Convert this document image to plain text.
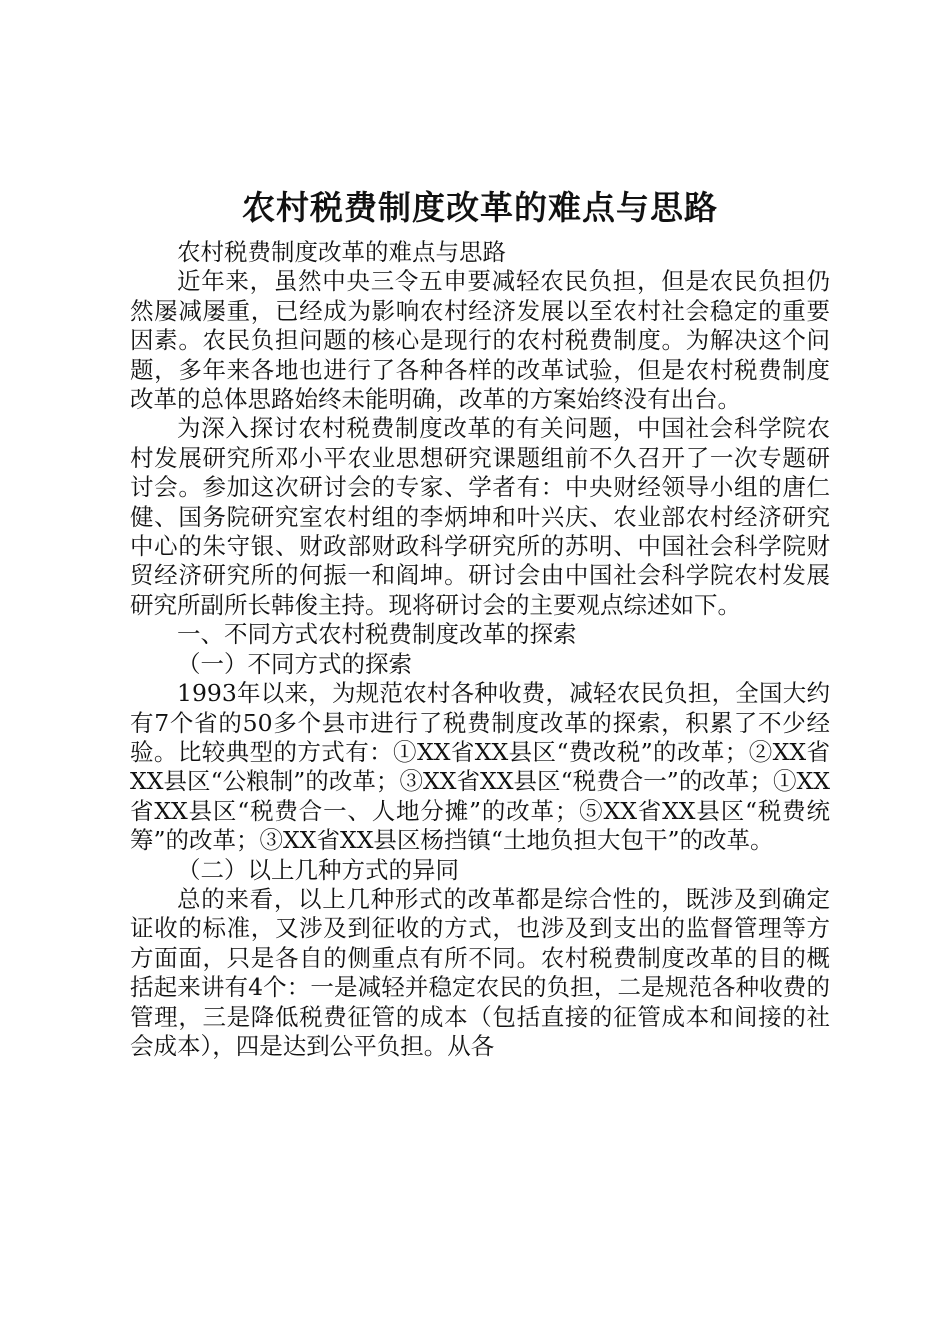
农村税费制度改革的难点与思路

农村税费制度改革的难点与思路

近年来，虽然中央三令五申要减轻农民负担，但是农民负担仍然屡减屡重，已经成为影响农村经济发展以至农村社会稳定的重要因素。农民负担问题的核心是现行的农村税费制度。为解决这个问题，多年来各地也进行了各种各样的改革试验，但是农村税费制度改革的总体思路始终未能明确，改革的方案始终没有出台。

为深入探讨农村税费制度改革的有关问题，中国社会科学院农村发展研究所邓小平农业思想研究课题组前不久召开了一次专题研讨会。参加这次研讨会的专家、学者有：中央财经领导小组的唐仁健、国务院研究室农村组的李炳坤和叶兴庆、农业部农村经济研究中心的朱守银、财政部财政科学研究所的苏明、中国社会科学院财贸经济研究所的何振一和阎坤。研讨会由中国社会科学院农村发展研究所副所长韩俊主持。现将研讨会的主要观点综述如下。

一、不同方式农村税费制度改革的探索

（一）不同方式的探索

1993年以来，为规范农村各种收费，减轻农民负担，全国大约有7个省的50多个县市进行了税费制度改革的探索，积累了不少经验。比较典型的方式有：①XX省XX县区“费改税”的改革；②XX省XX县区“公粮制”的改革；③XX省XX县区“税费合一”的改革；①XX省XX县区“税费合一、人地分摊”的改革；⑤XX省XX县区“税费统筹”的改革；③XX省XX县区杨挡镇“土地负担大包干”的改革。

（二）以上几种方式的异同

总的来看，以上几种形式的改革都是综合性的，既涉及到确定证收的标准，又涉及到征收的方式，也涉及到支出的监督管理等方方面面，只是各自的侧重点有所不同。农村税费制度改革的目的概括起来讲有4个：一是减轻并稳定农民的负担，二是规范各种收费的管理，三是降低税费征管的成本（包括直接的征管成本和间接的社会成本），四是达到公平负担。从各
